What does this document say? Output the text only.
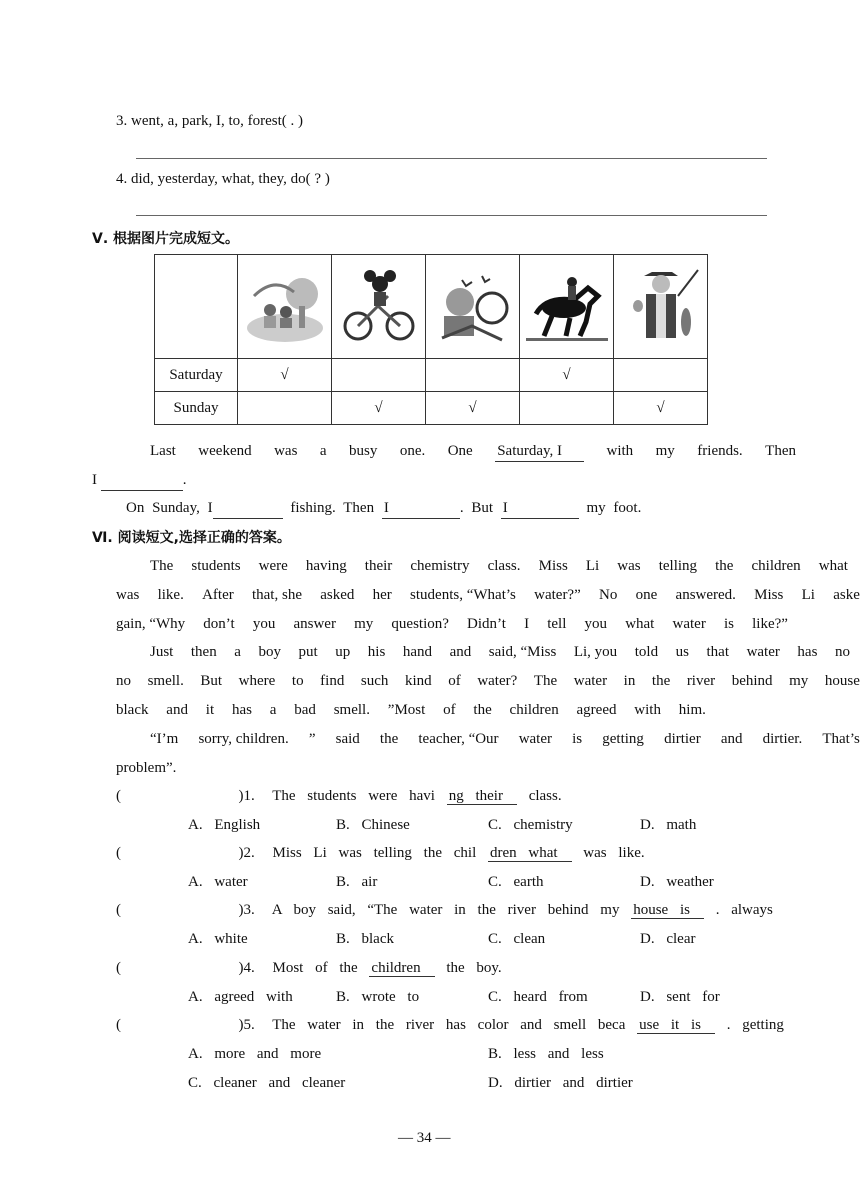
3. went, a, park, I, to, forest( . )
4. did, yesterday, what, they, do( ? )
Ⅴ. 根据图片完成短文。

Saturday	√			√	
Sunday		√	√		√
Last weekend was a busy one. One Saturday, I	with my friends. Then
I	.
On Sunday, I	fishing. Then I	. But I	my foot.
Ⅵ. 阅读短文,选择正确的答案。
The students were having their chemistry class. Miss Li was telling the children what
was like. After that, she asked her students, “What’s water?” No one answered. Miss Li aske
gain, “Why don’t you answer my question? Didn’t I tell you what water is like?”
Just then a boy put up his hand and said, “Miss Li, you told us that water has no
no smell. But where to find such kind of water? The water in the river behind my house
black and it has a bad smell. ”Most of the children agreed with him.
“I’m sorry, children. ” said the teacher, “Our water is getting dirtier and dirtier. That’s
problem”.
(          )1. The students were havi ng their class.
A. English	B. Chinese	C. chemistry	D. math
(          )2. Miss Li was telling the chil dren what was like.
A. water	B. air	C. earth	D. weather
(          )3. A boy said, “The water in the river behind my house is . always
A. white	B. black	C. clean	D. clear
(          )4. Most of the children the boy.
A. agreed with	B. wrote to	C. heard from	D. sent for
(          )5. The water in the river has color and smell beca use it is . getting
A. more and more	B. less and less
C. cleaner and cleaner	D. dirtier and dirtier
— 34 —
